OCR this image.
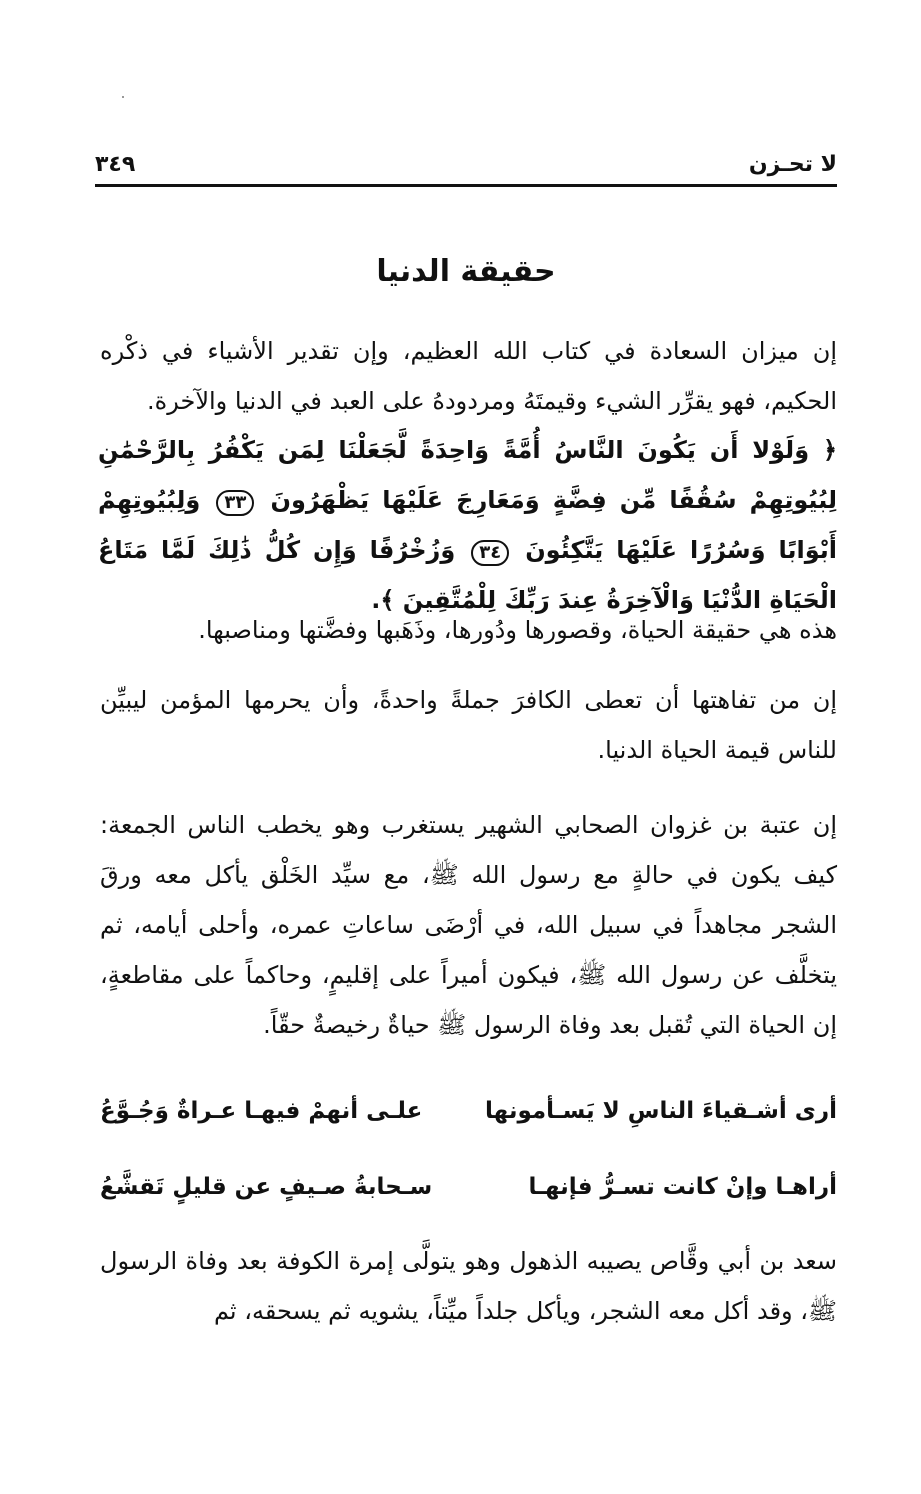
لا تحـزن
٣٤٩
حقيقة الدنيا

إن ميزان السعادة في كتاب الله العظيم، وإن تقدير الأشياء في ذكْره الحكيم، فهو يقرِّر الشيء وقيمتَهُ ومردودهُ على العبد في الدنيا والآخرة.

﴿ وَلَوْلا أَن يَكُونَ النَّاسُ أُمَّةً وَاحِدَةً لَّجَعَلْنَا لِمَن يَكْفُرُ بِالرَّحْمَٰنِ لِبُيُوتِهِمْ سُقُفًا مِّن فِضَّةٍ وَمَعَارِجَ عَلَيْهَا يَظْهَرُونَ ٣٣ وَلِبُيُوتِهِمْ أَبْوَابًا وَسُرُرًا عَلَيْهَا يَتَّكِئُونَ ٣٤ وَزُخْرُفًا وَإِن كُلُّ ذَٰلِكَ لَمَّا مَتَاعُ الْحَيَاةِ الدُّنْيَا وَالْآخِرَةُ عِندَ رَبِّكَ لِلْمُتَّقِينَ ﴾.

هذه هي حقيقة الحياة، وقصورها ودُورها، وذَهَبها وفضَّتها ومناصبها.

إن من تفاهتها أن تعطى الكافرَ جملةً واحدةً، وأن يحرمها المؤمن ليبيِّن للناس قيمة الحياة الدنيا.

إن عتبة بن غزوان الصحابي الشهير يستغرب وهو يخطب الناس الجمعة: كيف يكون في حالةٍ مع رسول الله ﷺ، مع سيِّد الخَلْق يأكل معه ورقَ الشجر مجاهداً في سبيل الله، في أرْضَى ساعاتِ عمره، وأحلى أيامه، ثم يتخلَّف عن رسول الله ﷺ، فيكون أميراً على إقليمٍ، وحاكماً على مقاطعةٍ، إن الحياة التي تُقبل بعد وفاة الرسول ﷺ حياةٌ رخيصةٌ حقّاً.

أرى أشـقياءَ الناسِ لا يَسـأمونها
علـى أنهمْ فيهـا عـراةٌ وَجُـوَّعُ
أراهـا وإنْ كانت تسـرُّ فإنهـا
سـحابةُ صـيفٍ عن قليلٍ تَقشَّعُ

سعد بن أبي وقَّاص يصيبه الذهول وهو يتولَّى إمرة الكوفة بعد وفاة الرسول ﷺ، وقد أكل معه الشجر، ويأكل جلداً ميِّتاً، يشويه ثم يسحقه، ثم
